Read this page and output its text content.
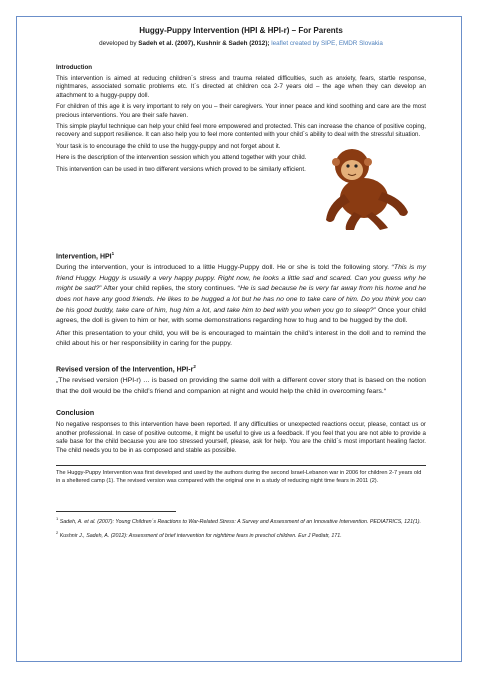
Huggy-Puppy Intervention (HPI & HPI-r) – For Parents

developed by Sadeh et al. (2007), Kushnir & Sadeh (2012); leaflet created by SIPE, EMDR Slovakia

Introduction

This intervention is aimed at reducing children´s stress and trauma related difficulties, such as anxiety, fears, startle response, nightmares, associated somatic problems etc. It´s directed at children cca 2-7 years old – the age when they can develop an attachment to a huggy-puppy doll.

For children of this age it is very important to rely on you – their caregivers. Your inner peace and kind soothing and care are the most precious interventions. You are their safe haven.

This simple playful technique can help your child feel more empowered and protected. This can increase the chance of positive coping, recovery and support resilience. It can also help you to feel more contented with your child´s ability to deal with the stressful situation.

Your task is to encourage the child to use the huggy-puppy and not forget about it.

Here is the description of the intervention session which you attend together with your child.

This intervention can be used in two different versions which proved to be similarly efficient.

Intervention, HPI$^1$

During the intervention, your is introduced to a little Huggy-Puppy doll. He or she is told the following story. “This is my friend Huggy. Huggy is usually a very happy puppy. Right now, he looks a little sad and scared. Can you guess why he might be sad?” After your child replies, the story continues. “He is sad because he is very far away from his home and he does not have any good friends. He likes to be hugged a lot but he has no one to take care of him. Do you think you can be his good buddy, take care of him, hug him a lot, and take him to bed with you when you go to sleep?” Once your child agrees, the doll is given to him or her, with some demonstrations regarding how to hug and to be hugged by the doll.

After this presentation to your child, you will be is encouraged to maintain the child’s interest in the doll and to remind the child about his or her responsibility in caring for the puppy.

Revised version of the Intervention, HPI-$r^2$

„The revised version (HPI-r) … is based on providing the same doll with a different cover story that is based on the notion that the doll would be the child’s friend and companion at night and would help the child in overcoming fears.“

Conclusion

No negative responses to this intervention have been reported. If any difficulties or unexpected reactions occur, please, contact us or another professional. In case of positive outcome, it might be useful to give us a feedback. If you feel that you are not able to provide a safe base for the child because you are too stressed yourself, please, ask for help. You are the child´s most important healing factor. The child needs you to be in as composed and stable as possible.

The Huggy-Puppy Intervention was first developed and used by the authors during the second Israel-Lebanon war in 2006 for children 2-7 years old in a sheltered camp (1). The revised version was compared with the original one in a study of reducing night time fears in 2011 (2).

$^1$ Sadeh, A. et al. (2007): Young Children´s Reactions to War-Related Stress: A Survey and Assessment of an Innovative Intervention. PEDIATRICS, 121(1).

$^2$ Kushnir J., Sadeh, A. (2012): Assessment of brief intervention for nighttime fears in preschol children. Eur J Pediatr, 171.
